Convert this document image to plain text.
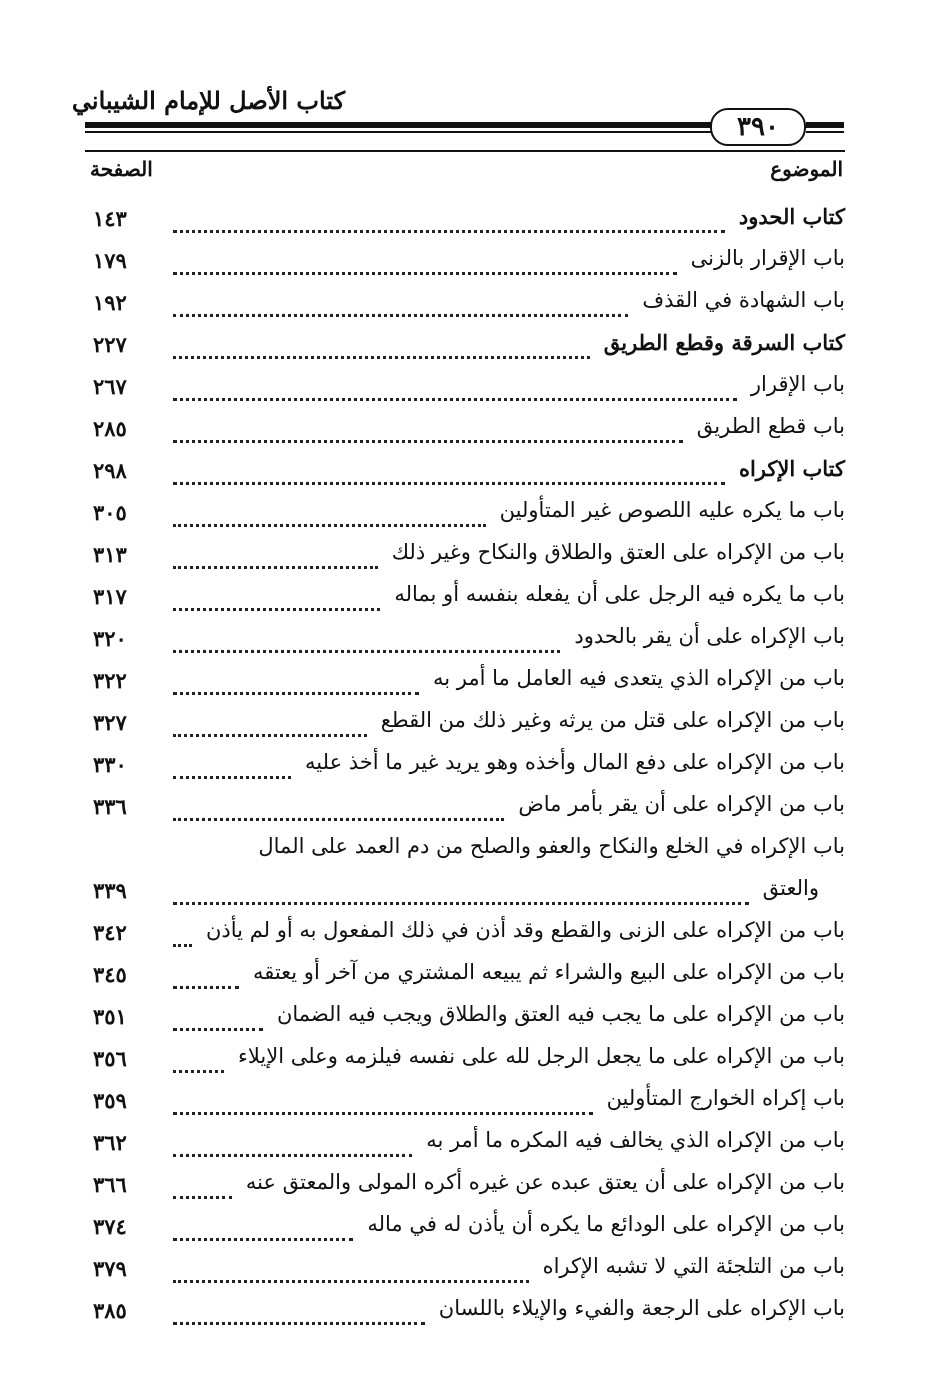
كتاب الأصل للإمام الشيباني
٣٩٠
الموضوع
الصفحة
كتاب الحدود
١٤٣
باب الإقرار بالزنى
١٧٩
باب الشهادة في القذف
١٩٢
كتاب السرقة وقطع الطريق
٢٢٧
باب الإقرار
٢٦٧
باب قطع الطريق
٢٨٥
كتاب الإكراه
٢٩٨
باب ما يكره عليه اللصوص غير المتأولين
٣٠٥
باب من الإكراه على العتق والطلاق والنكاح وغير ذلك
٣١٣
باب ما يكره فيه الرجل على أن يفعله بنفسه أو بماله
٣١٧
باب الإكراه على أن يقر بالحدود
٣٢٠
باب من الإكراه الذي يتعدى فيه العامل ما أمر به
٣٢٢
باب من الإكراه على قتل من يرثه وغير ذلك من القطع
٣٢٧
باب من الإكراه على دفع المال وأخذه وهو يريد غير ما أخذ عليه
٣٣٠
باب من الإكراه على أن يقر بأمر ماض
٣٣٦
باب الإكراه في الخلع والنكاح والعفو والصلح من دم العمد على المال
والعتق
٣٣٩
باب من الإكراه على الزنى والقطع وقد أذن في ذلك المفعول به أو لم يأذن
٣٤٢
باب من الإكراه على البيع والشراء ثم يبيعه المشتري من آخر أو يعتقه
٣٤٥
باب من الإكراه على ما يجب فيه العتق والطلاق ويجب فيه الضمان
٣٥١
باب من الإكراه على ما يجعل الرجل لله على نفسه فيلزمه وعلى الإيلاء
٣٥٦
باب إكراه الخوارج المتأولين
٣٥٩
باب من الإكراه الذي يخالف فيه المكره ما أمر به
٣٦٢
باب من الإكراه على أن يعتق عبده عن غيره أكره المولى والمعتق عنه
٣٦٦
باب من الإكراه على الودائع ما يكره أن يأذن له في ماله
٣٧٤
باب من التلجئة التي لا تشبه الإكراه
٣٧٩
باب الإكراه على الرجعة والفيء والإيلاء باللسان
٣٨٥
